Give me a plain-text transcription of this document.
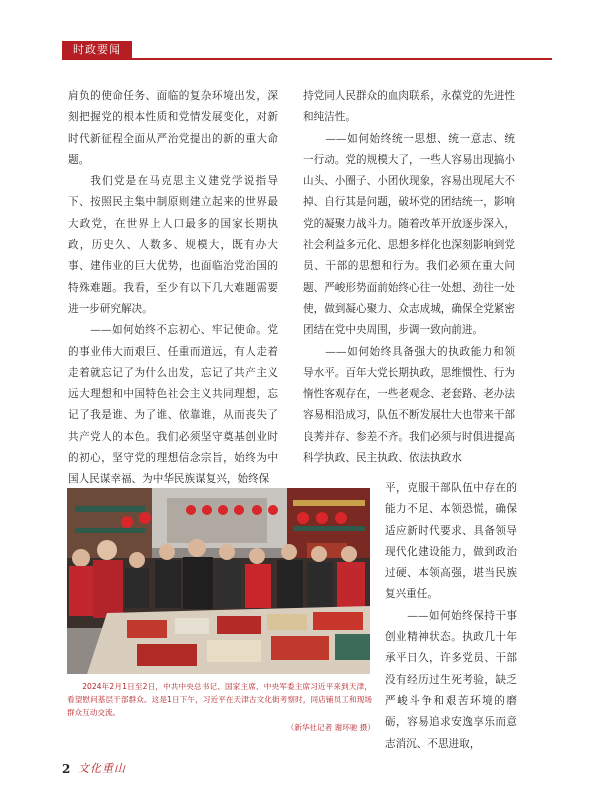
时政要闻

肩负的使命任务、面临的复杂环境出发，深刻把握党的根本性质和党情发展变化，对新时代新征程全面从严治党提出的新的重大命题。

我们党是在马克思主义建党学说指导下、按照民主集中制原则建立起来的世界最大政党，在世界上人口最多的国家长期执政，历史久、人数多、规模大，既有办大事、建伟业的巨大优势，也面临治党治国的特殊难题。我看，至少有以下几大难题需要进一步研究解决。

——如何始终不忘初心、牢记使命。党的事业伟大而艰巨、任重而道远，有人走着走着就忘记了为什么出发，忘记了共产主义远大理想和中国特色社会主义共同理想，忘记了我是谁、为了谁、依靠谁，从而丧失了共产党人的本色。我们必须坚守奠基创业时的初心，坚守党的理想信念宗旨，始终为中国人民谋幸福、为中华民族谋复兴，始终保

持党同人民群众的血肉联系，永葆党的先进性和纯洁性。

——如何始终统一思想、统一意志、统一行动。党的规模大了，一些人容易出现搞小山头、小圈子、小团伙现象，容易出现尾大不掉、自行其是问题，破坏党的团结统一，影响党的凝聚力战斗力。随着改革开放逐步深入，社会利益多元化、思想多样化也深刻影响到党员、干部的思想和行为。我们必须在重大问题、严峻形势面前始终心往一处想、劲往一处使，做到凝心聚力、众志成城，确保全党紧密团结在党中央周围，步调一致向前进。

——如何始终具备强大的执政能力和领导水平。百年大党长期执政，思维惯性、行为惰性客观存在，一些老观念、老套路、老办法容易相沿成习，队伍不断发展壮大也带来干部良莠并存、参差不齐。我们必须与时俱进提高科学执政、民主执政、依法执政水

平，克服干部队伍中存在的能力不足、本领恐慌，确保适应新时代要求、具备领导现代化建设能力，做到政治过硬、本领高强，堪当民族复兴重任。

——如何始终保持干事创业精神状态。执政几十年承平日久，许多党员、干部没有经历过生死考验，缺乏严峻斗争和艰苦环境的磨砺，容易追求安逸享乐而意志消沉、不思进取，

2024年2月1日至2日，中共中央总书记、国家主席、中央军委主席习近平来到天津，看望慰问基层干部群众。这是1日下午，习近平在天津古文化街考察时，同店铺员工和现场群众互动交流。

（新华社记者 谢环驰 摄）

2 文化重山
